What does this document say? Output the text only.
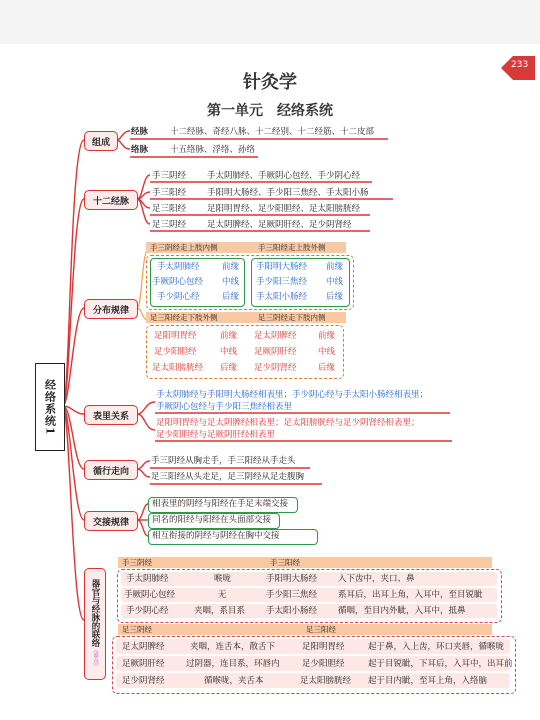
233
针灸学
第一单元　经络系统
经络系统1
组成
经脉	十二经脉、奇经八脉、十二经别、十二经筋、十二皮部
络脉	十五络脉、浮络、孙络
十二经脉
手三阴经 手太阴肺经、手厥阴心包经、手少阴心经
手三阳经 手阳明大肠经、手少阳三焦经、手太阳小肠
足三阳经 足阳明胃经、足少阳胆经、足太阳膀胱经
足三阴经 足太阴脾经、足厥阴肝经、足少阴肾经
分布规律
手三阴经走上肢内侧	手三阳经走上肢外侧
手太阴肺经	前缘 手阳明大肠经 前缘
手厥阴心包经 中线 手少阳三焦经 中线
手少阴心经	后缘 手太阳小肠经 后缘
足三阳经走下肢外侧	足三阴经走下肢内侧
足阳明胃经	前缘 足太阴脾经	前缘
足少阳胆经	中线 足厥阴肝经	中线
足太阳膀胱经 后缘 足少阴肾经	后缘
表里关系
手太阴肺经与手阳明大肠经相表里；手少阴心经与手太阳小肠经相表里；
手厥阴心包经与手少阳三焦经相表里
足阳明胃经与足太阴脾经相表里；足太阳膀胱经与足少阴肾经相表里；
足少阳胆经与足厥阴肝经相表里
循行走向
手三阴经从胸走手，手三阳经从手走头
足三阳经从头走足，足三阴经从足走腹胸
交接规律
相表里的阴经与阳经在手足末端交接
同名的阳经与阳经在头面部交接
相互衔接的阴经与阴经在胸中交接
器官与经脉的联络
（重点）
手三阴经	手三阳经
手太阴肺经	喉咙	手阳明大肠经 入下齿中，夹口、鼻
手厥阴心包经	无	手少阳三焦经 系耳后，出耳上角，入耳中，至目锐眦
手少阴心经	夹咽，系目系 手太阳小肠经 循咽，至目内外眦，入耳中，抵鼻
足三阴经	足三阳经
足太阴脾经	夹咽，连舌本，散舌下	足阳明胃经	起于鼻，入上齿，环口夹唇，循喉咙
足厥阴肝经	过阴器，连目系，环唇内	足少阳胆经	起于目锐眦，下耳后，入耳中，出耳前
足少阴肾经	循喉咙，夹舌本	足太阳膀胱经 起于目内眦，至耳上角，入络脑
